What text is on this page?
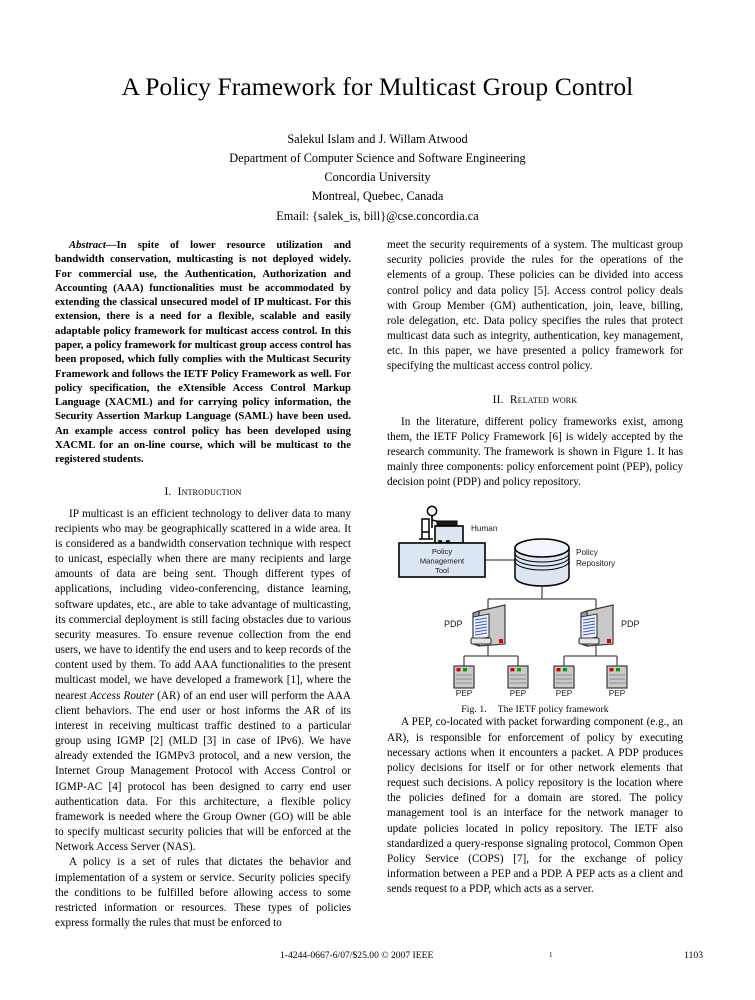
A Policy Framework for Multicast Group Control
Salekul Islam and J. Willam Atwood
Department of Computer Science and Software Engineering
Concordia University
Montreal, Quebec, Canada
Email: {salek_is, bill}@cse.concordia.ca

Abstract—In spite of lower resource utilization and bandwidth conservation, multicasting is not deployed widely. For commercial use, the Authentication, Authorization and Accounting (AAA) functionalities must be accommodated by extending the classical unsecured model of IP multicast. For this extension, there is a need for a flexible, scalable and easily adaptable policy framework for multicast access control. In this paper, a policy framework for multicast group access control has been proposed, which fully complies with the Multicast Security Framework and follows the IETF Policy Framework as well. For policy specification, the eXtensible Access Control Markup Language (XACML) and for carrying policy information, the Security Assertion Markup Language (SAML) have been used. An example access control policy has been developed using XACML for an on-line course, which will be multicast to the registered students.

I. Introduction

IP multicast is an efficient technology to deliver data to many recipients who may be geographically scattered in a wide area. It is considered as a bandwidth conservation technique with respect to unicast, especially when there are many recipients and large amounts of data are being sent. Though different types of applications, including video-conferencing, distance learning, software updates, etc., are able to take advantage of multicasting, its commercial deployment is still facing obstacles due to various security measures. To ensure revenue collection from the end users, we have to identify the end users and to keep records of the content used by them. To add AAA functionalities to the present multicast model, we have developed a framework [1], where the nearest Access Router (AR) of an end user will perform the AAA client behaviors. The end user or host informs the AR of its interest in receiving multicast traffic destined to a particular group using IGMP [2] (MLD [3] in case of IPv6). We have already extended the IGMPv3 protocol, and a new version, the Internet Group Management Protocol with Access Control or IGMP-AC [4] protocol has been designed to carry end user authentication data. For this architecture, a flexible policy framework is needed where the Group Owner (GO) will be able to specify multicast security policies that will be enforced at the Network Access Server (NAS).

A policy is a set of rules that dictates the behavior and implementation of a system or service. Security policies specify the conditions to be fulfilled before allowing access to some restricted information or resources. These types of policies express formally the rules that must be enforced to

meet the security requirements of a system. The multicast group security policies provide the rules for the operations of the elements of a group. These policies can be divided into access control policy and data policy [5]. Access control policy deals with Group Member (GM) authentication, join, leave, billing, role delegation, etc. Data policy specifies the rules that protect multicast data such as integrity, authentication, key management, etc. In this paper, we have presented a policy framework for specifying the multicast access control policy.

II. Related work

In the literature, different policy frameworks exist, among them, the IETF Policy Framework [6] is widely accepted by the research community. The framework is shown in Figure 1. It has mainly three components: policy enforcement point (PEP), policy decision point (PDP) and policy repository.

Policy
Management
Tool
Human
Policy
Repository
PDP	PDP
PEP	PEP	PEP	PEP
Fig. 1. The IETF policy framework

A PEP, co-located with packet forwarding component (e.g., an AR), is responsible for enforcement of policy by executing necessary actions when it encounters a packet. A PDP produces policy decisions for itself or for other network elements that request such decisions. A policy repository is the location where the policies defined for a domain are stored. The policy management tool is an interface for the network manager to update policies located in policy repository. The IETF also standardized a query-response signaling protocol, Common Open Policy Service (COPS) [7], for the exchange of policy information between a PEP and a PDP. A PEP acts as a client and sends request to a PDP, which acts as a server.

1-4244-0667-6/07/$25.00 © 2007 IEEE	1	1103
